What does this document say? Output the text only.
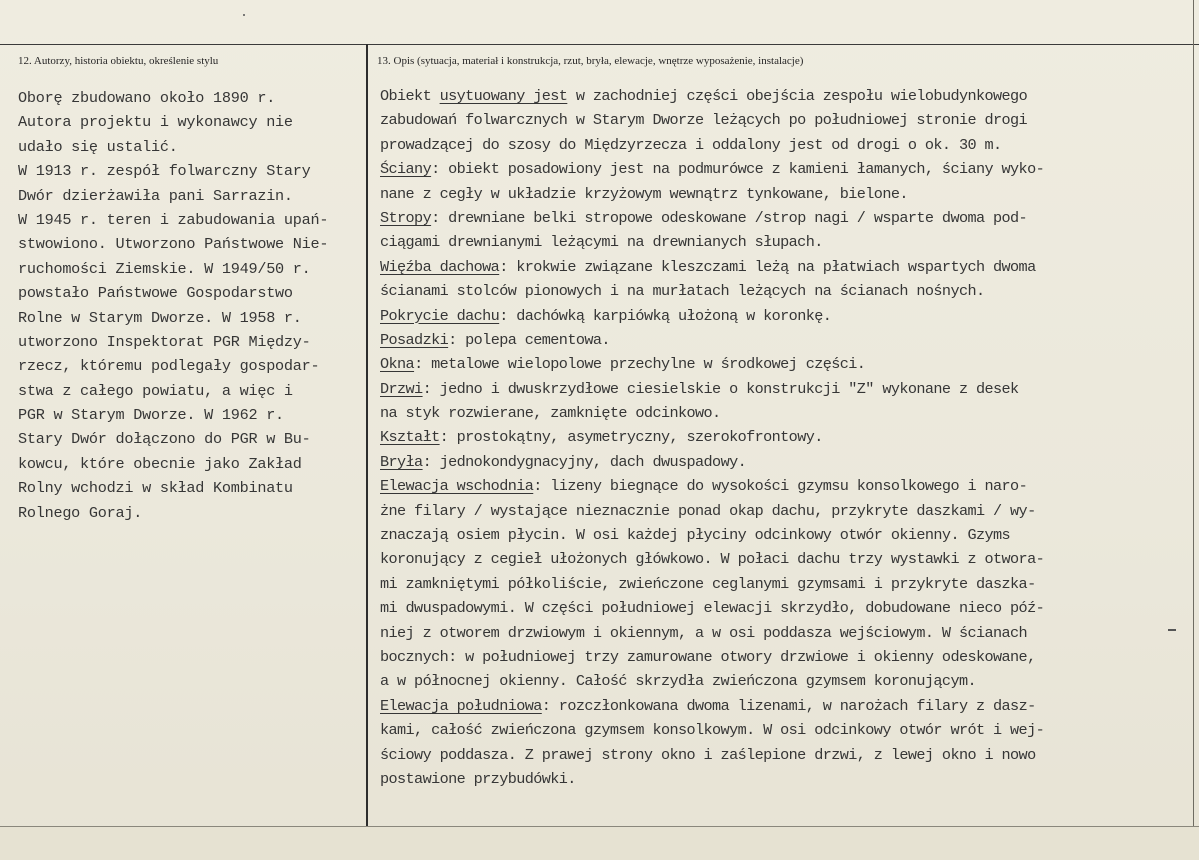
12. Autorzy, historia obiektu, określenie stylu	13. Opis (sytuacja, materiał i konstrukcja, rzut, bryła, elewacje, wnętrze wyposażenie, instalacje)
Oborę zbudowano około 1890 r.
Autora projektu i wykonawcy nie
udało się ustalić.
W 1913 r. zespół folwarczny Stary
Dwór dzierżawiła pani Sarrazin.
W 1945 r. teren i zabudowania upań-
stwowiono. Utworzono Państwowe Nie-
ruchomości Ziemskie. W 1949/50 r.
powstało Państwowe Gospodarstwo
Rolne w Starym Dworze. W 1958 r.
utworzono Inspektorat PGR Między-
rzecz, któremu podlegały gospodar-
stwa z całego powiatu, a więc i
PGR w Starym Dworze. W 1962 r.
Stary Dwór dołączono do PGR w Bu-
kowcu, które obecnie jako Zakład
Rolny wchodzi w skład Kombinatu
Rolnego Goraj.
Obiekt usytuowany jest w zachodniej części obejścia zespołu wielobudynkowego
zabudowań folwarcznych w Starym Dworze leżących po południowej stronie drogi
prowadzącej do szosy do Międzyrzecza i oddalony jest od drogi o ok. 30 m.
Ściany: obiekt posadowiony jest na podmurówce z kamieni łamanych, ściany wyko-
nane z cegły w układzie krzyżowym wewnątrz tynkowane, bielone.
Stropy: drewniane belki stropowe odeskowane /strop nagi / wsparte dwoma pod-
ciągami drewnianymi leżącymi na drewnianych słupach.
Więźba dachowa: krokwie związane kleszczami leżą na płatwiach wspartych dwoma
ścianami stolców pionowych i na murłatach leżących na ścianach nośnych.
Pokrycie dachu: dachówką karpiówką ułożoną w koronkę.
Posadzki: polepa cementowa.
Okna: metalowe wielopolowe przechylne w środkowej części.
Drzwi: jedno i dwuskrzydłowe ciesielskie o konstrukcji "Z" wykonane z desek
na styk rozwierane, zamknięte odcinkowo.
Kształt: prostokątny, asymetryczny, szerokofrontowy.
Bryła: jednokondygnacyjny, dach dwuspadowy.
Elewacja wschodnia: lizeny biegnące do wysokości gzymsu konsolkowego i naro-
żne filary / wystające nieznacznie ponad okap dachu, przykryte daszkami / wy-
znaczają osiem płycin. W osi każdej płyciny odcinkowy otwór okienny. Gzyms
koronujący z cegieł ułożonych główkowo. W połaci dachu trzy wystawki z otwora-
mi zamkniętymi półkoliście, zwieńczone ceglanymi gzymsami i przykryte daszka-
mi dwuspadowymi. W części południowej elewacji skrzydło, dobudowane nieco póź-
niej z otworem drzwiowym i okiennym, a w osi poddasza wejściowym. W ścianach
bocznych: w południowej trzy zamurowane otwory drzwiowe i okienny odeskowane,
a w północnej okienny. Całość skrzydła zwieńczona gzymsem koronującym.
Elewacja południowa: rozczłonkowana dwoma lizenami, w narożach filary z dasz-
kami, całość zwieńczona gzymsem konsolkowym. W osi odcinkowy otwór wrót i wej-
ściowy poddasza. Z prawej strony okno i zaślepione drzwi, z lewej okno i nowo
postawione przybudówki.
